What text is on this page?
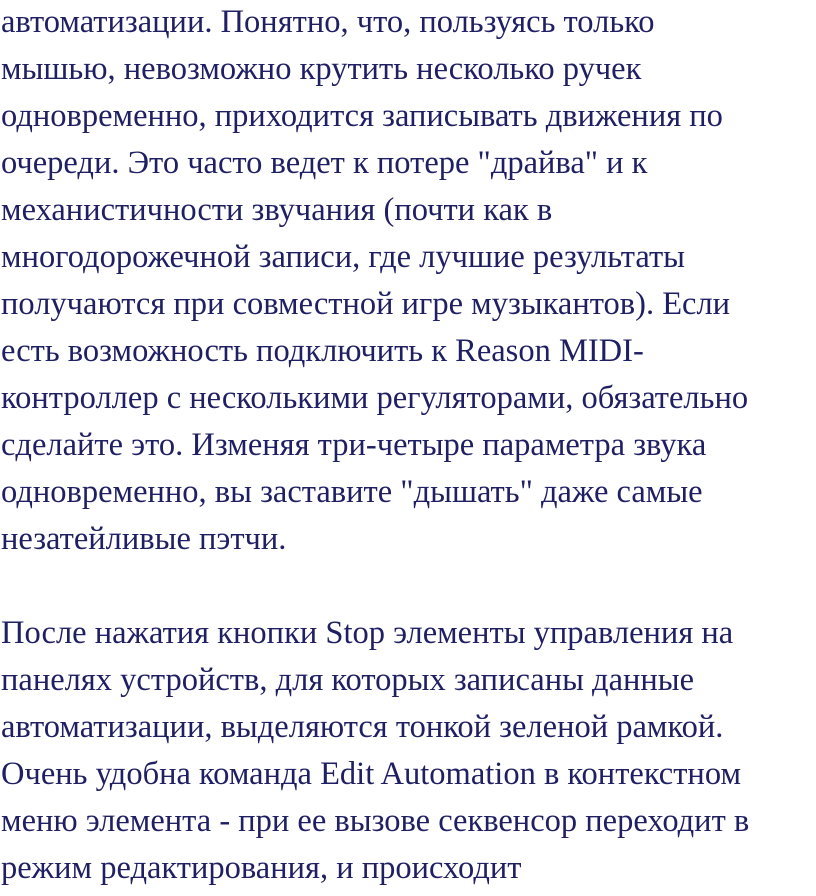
автоматизации. Понятно, что, пользуясь только
мышью, невозможно крутить несколько ручек
одновременно, приходится записывать движения по
очереди. Это часто ведет к потере "драйва" и к
механистичности звучания (почти как в
многодорожечной записи, где лучшие результаты
получаются при совместной игре музыкантов). Если
есть возможность подключить к Reason MIDI-
контроллер с несколькими регуляторами, обязательно
сделайте это. Изменяя три-четыре параметра звука
одновременно, вы заставите "дышать" даже самые
незатейливые пэтчи.
После нажатия кнопки Stop элементы управления на
панелях устройств, для которых записаны данные
автоматизации, выделяются тонкой зеленой рамкой.
Очень удобна команда Edit Automation в контекстном
меню элемента - при ее вызове секвенсор переходит в
режим редактирования, и происходит
